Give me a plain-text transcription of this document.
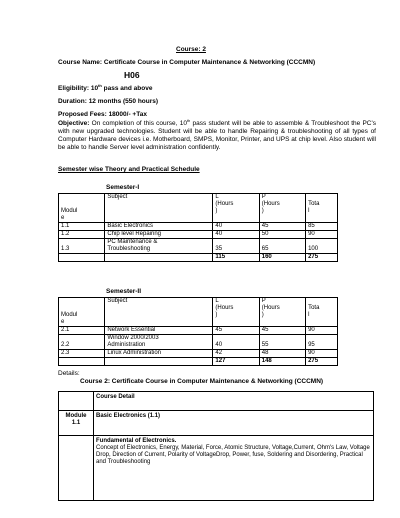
Course: 2
Course Name: Certificate Course in Computer Maintenance & Networking (CCCMN)
H06
Eligibility: 10th pass and above
Duration: 12 months (550 hours)
Proposed Fees: 18000/- +Tax
Objective: On completion of this course, 10th pass student will be able to assemble & Troubleshoot the PC's with new upgraded technologies. Student will be able to handle Repairing & troubleshooting of all types of Computer Hardware devices i.e. Motherboard, SMPS, Monitor, Printer, and UPS at chip level. Also student will be able to handle Server level administration confidently.
Semester wise Theory and Practical Schedule
Semester-I

Modul
e	Subject	L
(Hours
)	P
(Hours
)	Tota
l
1.1	Basic Electronics	40	45	85
1.2	Chip level Repairing	40	50	90

1.3	PC Maintenance &
Troubleshooting	35	65	100
		115	160	275
Semester-II

Modul
e	Subject	L
(Hours
)	P
(Hours
)	Tota
l
2.1	Network Essential	45	45	90

2.2	Window 2000/2003
Administration	40	55	95
2.3	Linux Administration	42	48	90
		127	148	275
Details:
Course 2: Certificate Course in Computer Maintenance & Networking (CCCMN)
	Course Detail
Module
1.1	Basic Electronics (1.1)
	Fundamental of Electronics.
Concept of Electronics, Energy, Material, Force, Atomic Structure, Voltage,Current, Ohm's Law, Voltage Drop, Direction of Current, Polarity of VoltageDrop, Power, fuse, Soldering and Disordering, Practical and Troubleshooting
